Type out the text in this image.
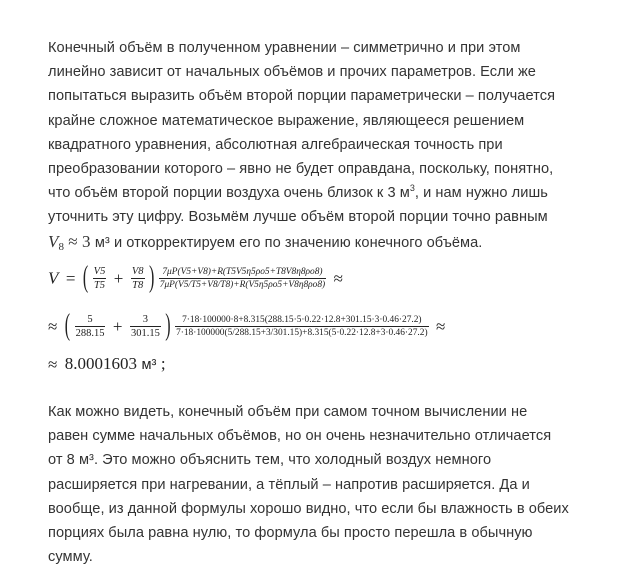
Конечный объём в полученном уравнении – симметрично и при этом
линейно зависит от начальных объёмов и прочих параметров. Если же
попытаться выразить объём второй порции параметрически – получается
крайне сложное математическое выражение, являющееся решением
квадратного уравнения, абсолютная алгебраическая точность при
преобразовании которого – явно не будет оправдана, поскольку, понятно,
что объём второй порции воздуха очень близок к 3 $м^3$, и нам нужно лишь
уточнить эту цифру. Возьмём лучше объём второй порции точно равным
$V_8 \approx 3$ м³ и откорректируем его по значению конечного объёма.
V = ( $\frac{V5}{T5} + \frac{V8}{T8}$ ) $\frac{7\mu P(V5+V8)+R(T5V5\eta 5\rho o5+T8V8\eta 8\rho o8)}{7\mu P(V5/T5+V8/T8)+R(V5\eta 5\rho o5+V8\eta 8\rho o8)}$ ≈
≈ ( $\frac{5}{288.15} + \frac{3}{301.15}$ )	7·18·100000·8+8.315(288.15·5·0.22·12.8+301.15·3·0.46·27.2)
7·18·100000(5/288.15+3/301.15)+8.315(5·0.22·12.8+3·0.46·27.2) ≈
≈ 8.0001603 м³ ;
Как можно видеть, конечный объём при самом точном вычислении не
равен сумме начальных объёмов, но он очень незначительно отличается
от 8 м³. Это можно объяснить тем, что холодный воздух немного
расширяется при нагревании, а тёплый – напротив расширяется. Да и
вообще, из данной формулы хорошо видно, что если бы влажность в обеих
порциях была равна нулю, то формула бы просто перешла в обычную
сумму.
